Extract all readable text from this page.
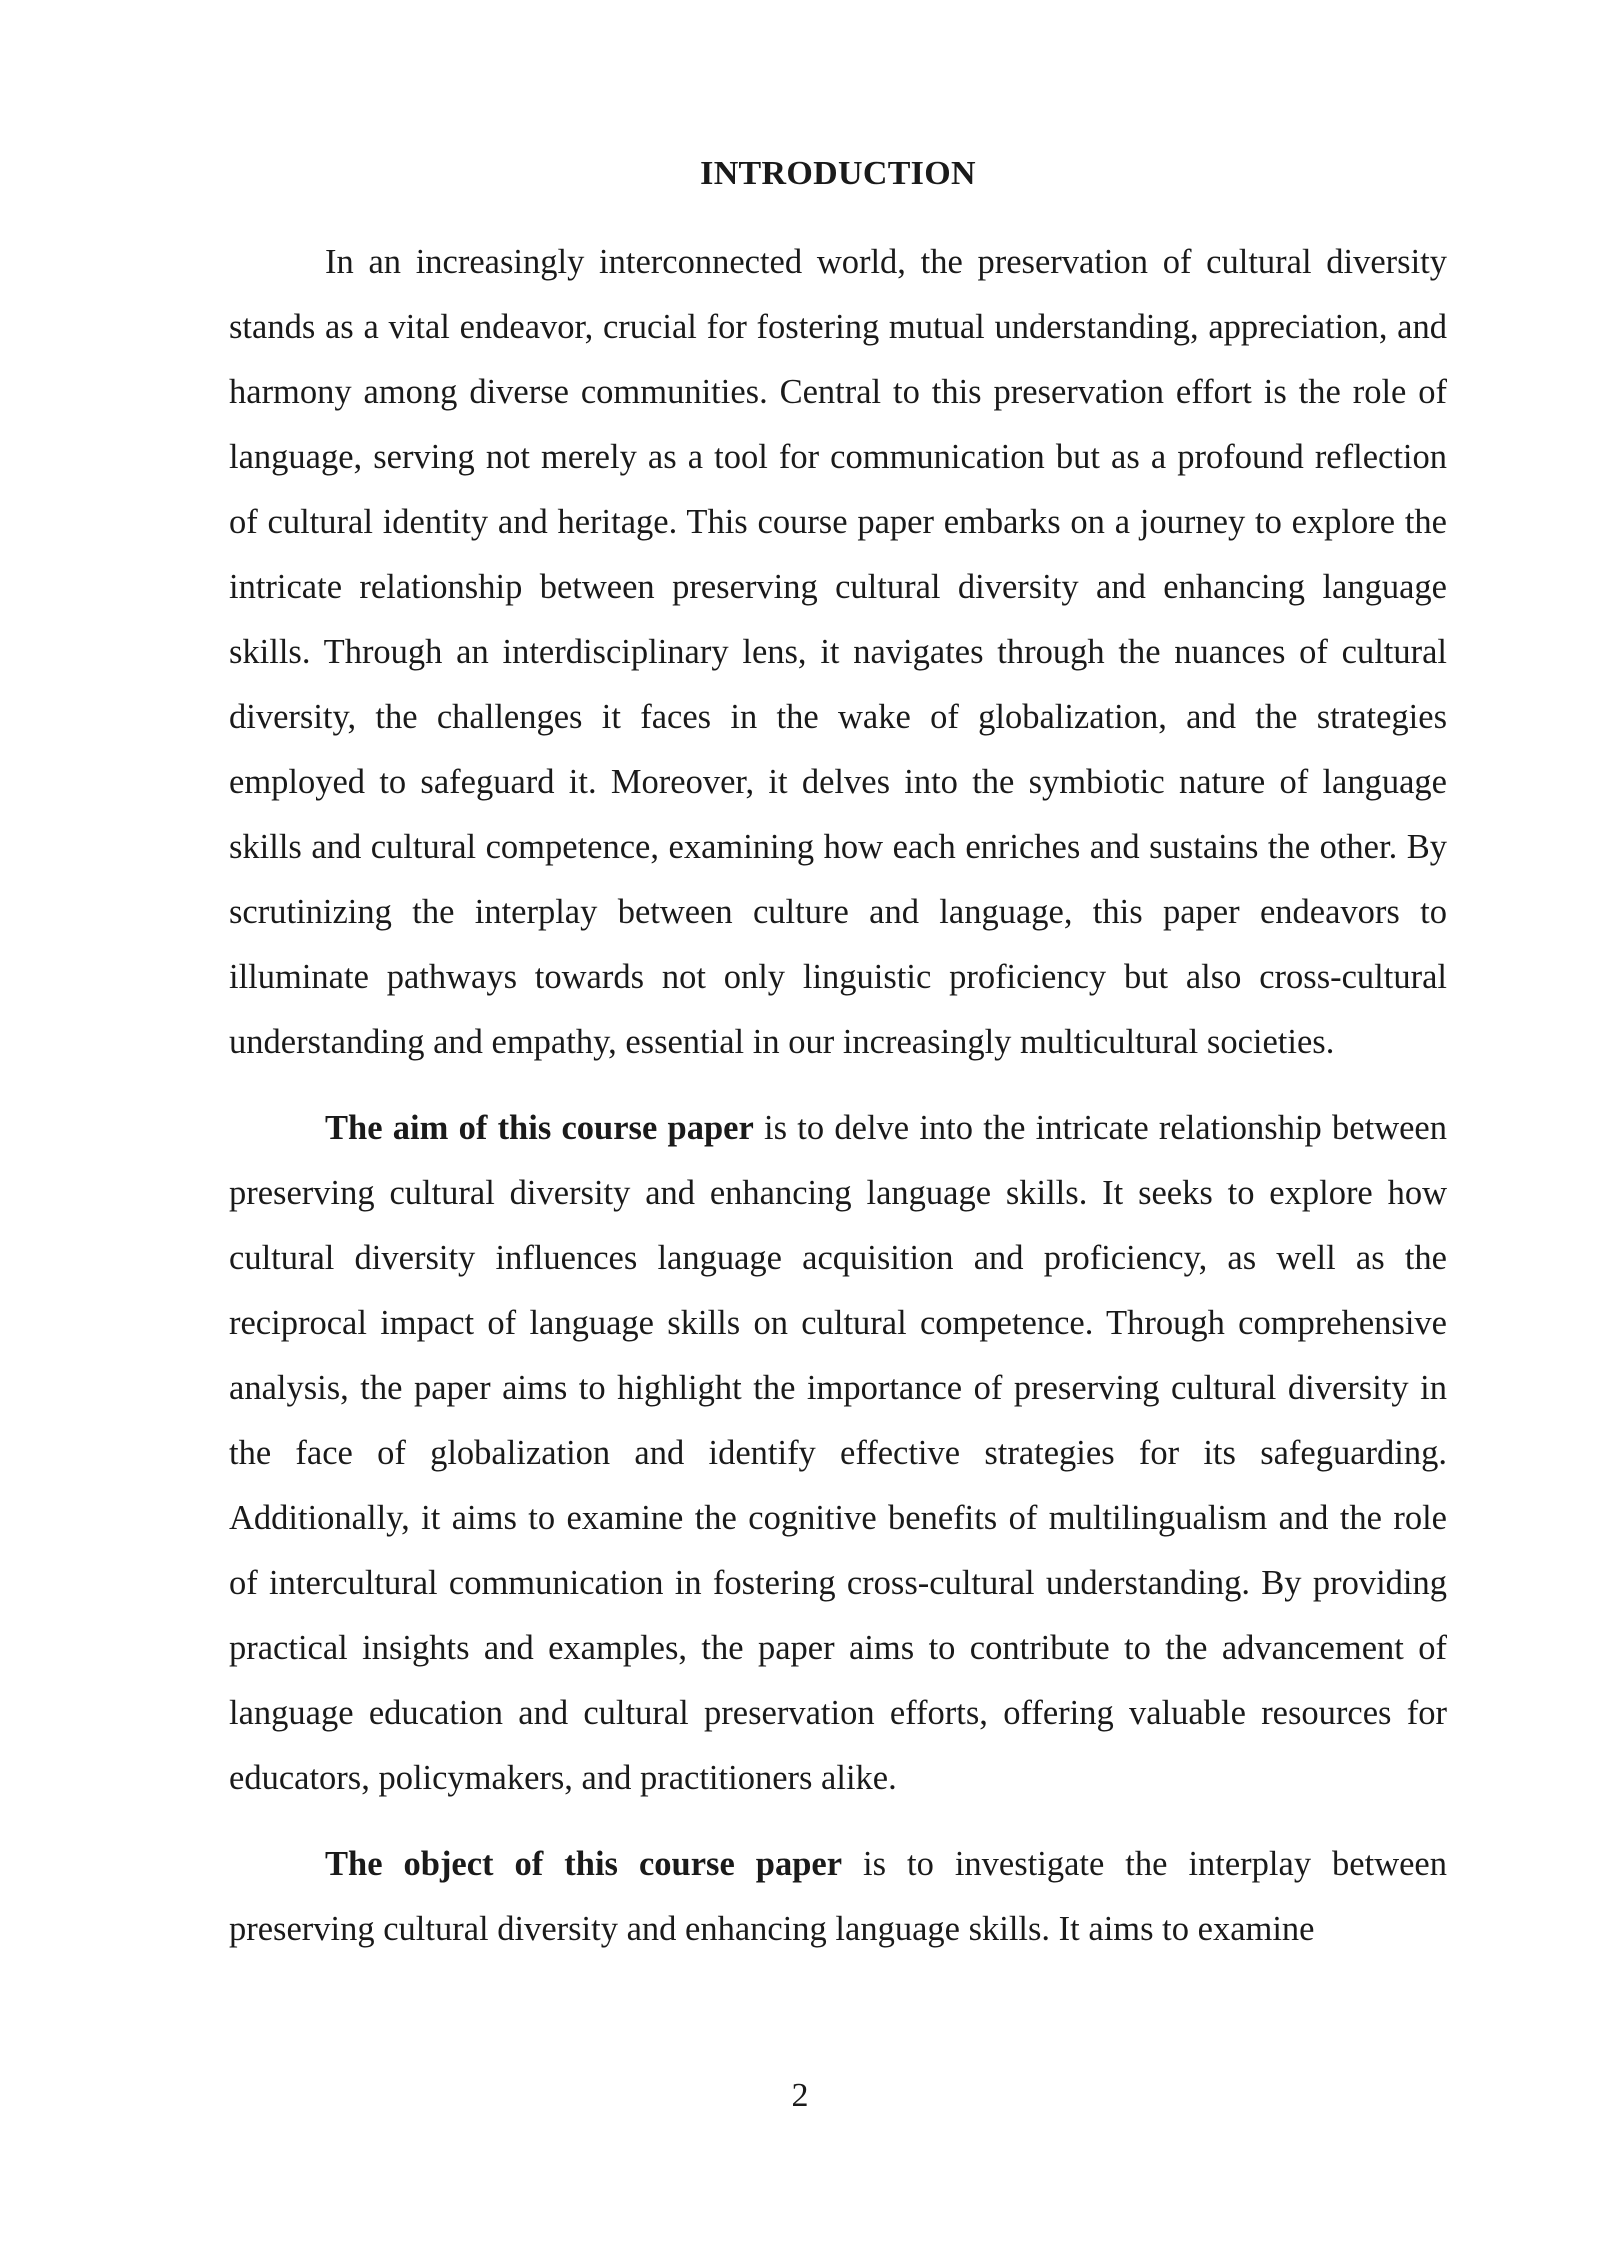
INTRODUCTION

In an increasingly interconnected world, the preservation of cultural diversity stands as a vital endeavor, crucial for fostering mutual understanding, appreciation, and harmony among diverse communities. Central to this preservation effort is the role of language, serving not merely as a tool for communication but as a profound reflection of cultural identity and heritage. This course paper embarks on a journey to explore the intricate relationship between preserving cultural diversity and enhancing language skills. Through an interdisciplinary lens, it navigates through the nuances of cultural diversity, the challenges it faces in the wake of globalization, and the strategies employed to safeguard it. Moreover, it delves into the symbiotic nature of language skills and cultural competence, examining how each enriches and sustains the other. By scrutinizing the interplay between culture and language, this paper endeavors to illuminate pathways towards not only linguistic proficiency but also cross-cultural understanding and empathy, essential in our increasingly multicultural societies.

The aim of this course paper is to delve into the intricate relationship between preserving cultural diversity and enhancing language skills. It seeks to explore how cultural diversity influences language acquisition and proficiency, as well as the reciprocal impact of language skills on cultural competence. Through comprehensive analysis, the paper aims to highlight the importance of preserving cultural diversity in the face of globalization and identify effective strategies for its safeguarding. Additionally, it aims to examine the cognitive benefits of multilingualism and the role of intercultural communication in fostering cross-cultural understanding. By providing practical insights and examples, the paper aims to contribute to the advancement of language education and cultural preservation efforts, offering valuable resources for educators, policymakers, and practitioners alike.

The object of this course paper is to investigate the interplay between preserving cultural diversity and enhancing language skills. It aims to examine

2
